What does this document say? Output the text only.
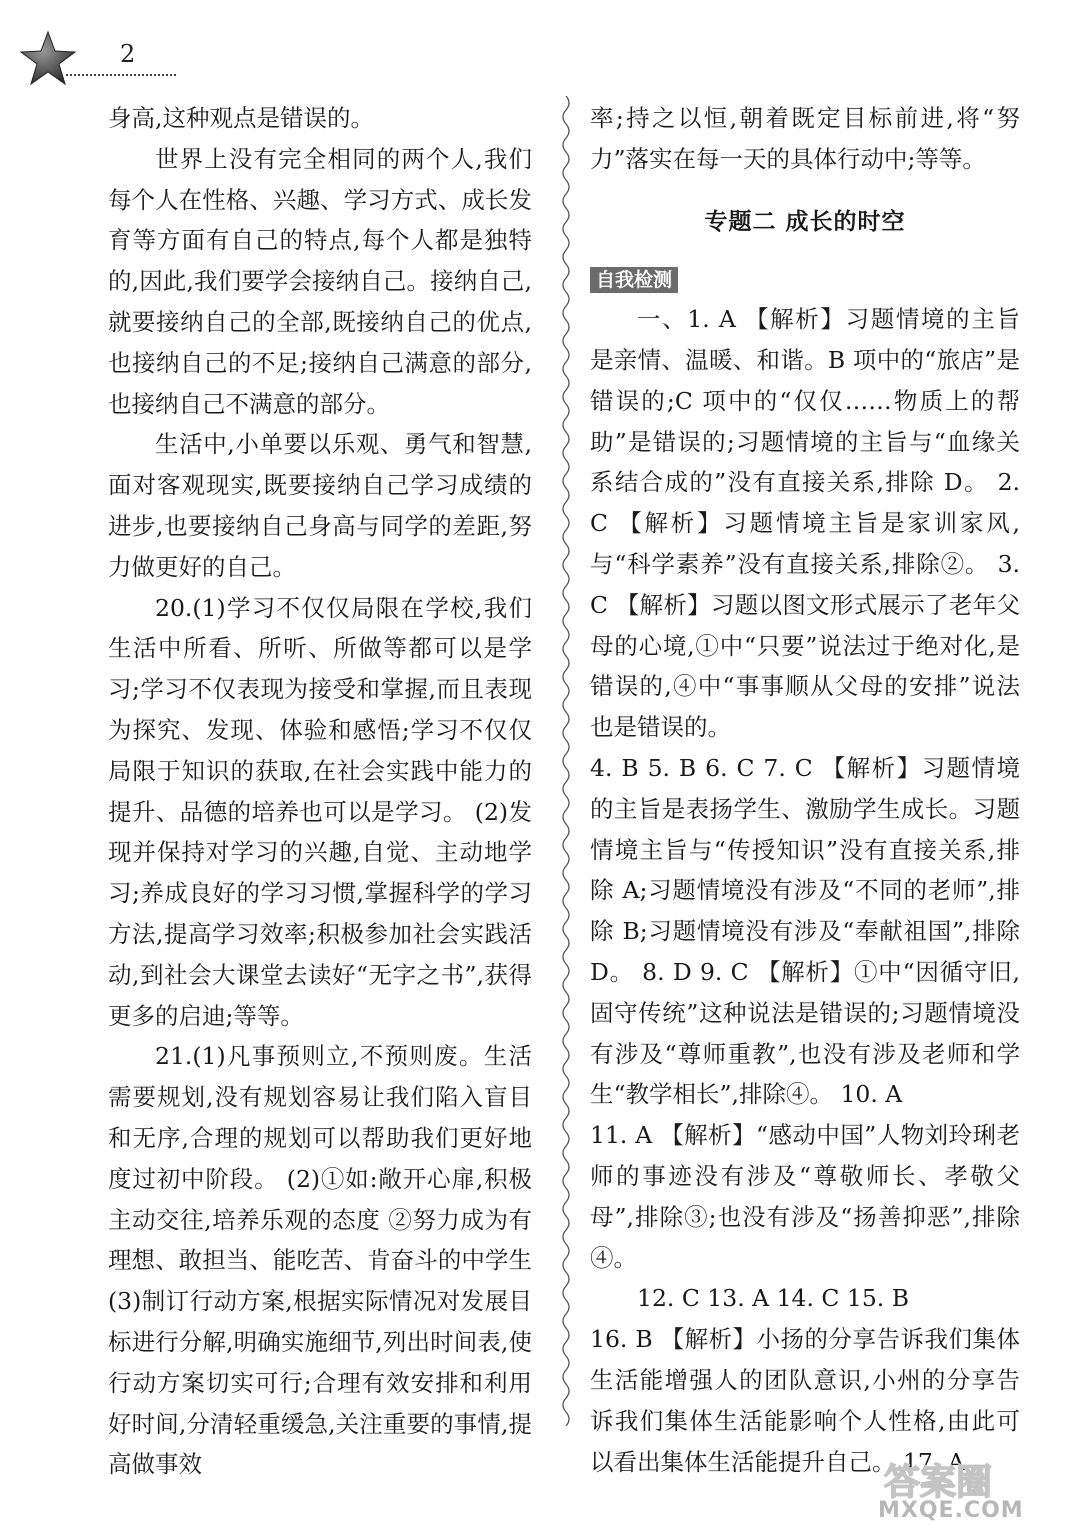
2

身高,这种观点是错误的。

世界上没有完全相同的两个人,我们每个人在性格、兴趣、学习方式、成长发育等方面有自己的特点,每个人都是独特的,因此,我们要学会接纳自己。接纳自己,就要接纳自己的全部,既接纳自己的优点,也接纳自己的不足;接纳自己满意的部分,也接纳自己不满意的部分。

生活中,小单要以乐观、勇气和智慧,面对客观现实,既要接纳自己学习成绩的进步,也要接纳自己身高与同学的差距,努力做更好的自己。

20.(1)学习不仅仅局限在学校,我们生活中所看、所听、所做等都可以是学习;学习不仅表现为接受和掌握,而且表现为探究、发现、体验和感悟;学习不仅仅局限于知识的获取,在社会实践中能力的提升、品德的培养也可以是学习。 (2)发现并保持对学习的兴趣,自觉、主动地学习;养成良好的学习习惯,掌握科学的学习方法,提高学习效率;积极参加社会实践活动,到社会大课堂去读好“无字之书”,获得更多的启迪;等等。

21.(1)凡事预则立,不预则废。生活需要规划,没有规划容易让我们陷入盲目和无序,合理的规划可以帮助我们更好地度过初中阶段。 (2)①如:敞开心扉,积极主动交往,培养乐观的态度 ②努力成为有理想、敢担当、能吃苦、肯奋斗的中学生 (3)制订行动方案,根据实际情况对发展目标进行分解,明确实施细节,列出时间表,使行动方案切实可行;合理有效安排和利用好时间,分清轻重缓急,关注重要的事情,提高做事效

率;持之以恒,朝着既定目标前进,将“努力”落实在每一天的具体行动中;等等。

专题二 成长的时空

自我检测

一、1. A 【解析】习题情境的主旨是亲情、温暖、和谐。B 项中的“旅店”是错误的;C 项中的“仅仅……物质上的帮助”是错误的;习题情境的主旨与“血缘关系结合成的”没有直接关系,排除 D。 2. C 【解析】习题情境主旨是家训家风,与“科学素养”没有直接关系,排除②。 3. C 【解析】习题以图文形式展示了老年父母的心境,①中“只要”说法过于绝对化,是错误的,④中“事事顺从父母的安排”说法也是错误的。

4. B 5. B 6. C 7. C 【解析】习题情境的主旨是表扬学生、激励学生成长。习题情境主旨与“传授知识”没有直接关系,排除 A;习题情境没有涉及“不同的老师”,排除 B;习题情境没有涉及“奉献祖国”,排除 D。 8. D 9. C 【解析】①中“因循守旧,固守传统”这种说法是错误的;习题情境没有涉及“尊师重教”,也没有涉及老师和学生“教学相长”,排除④。 10. A

11. A 【解析】“感动中国”人物刘玲琍老师的事迹没有涉及“尊敬师长、孝敬父母”,排除③;也没有涉及“扬善抑恶”,排除④。

12. C 13. A 14. C 15. B

16. B 【解析】小扬的分享告诉我们集体生活能增强人的团队意识,小州的分享告诉我们集体生活能影响个人性格,由此可以看出集体生活能提升自己。 17. A

答案圈
MXQE.COM
